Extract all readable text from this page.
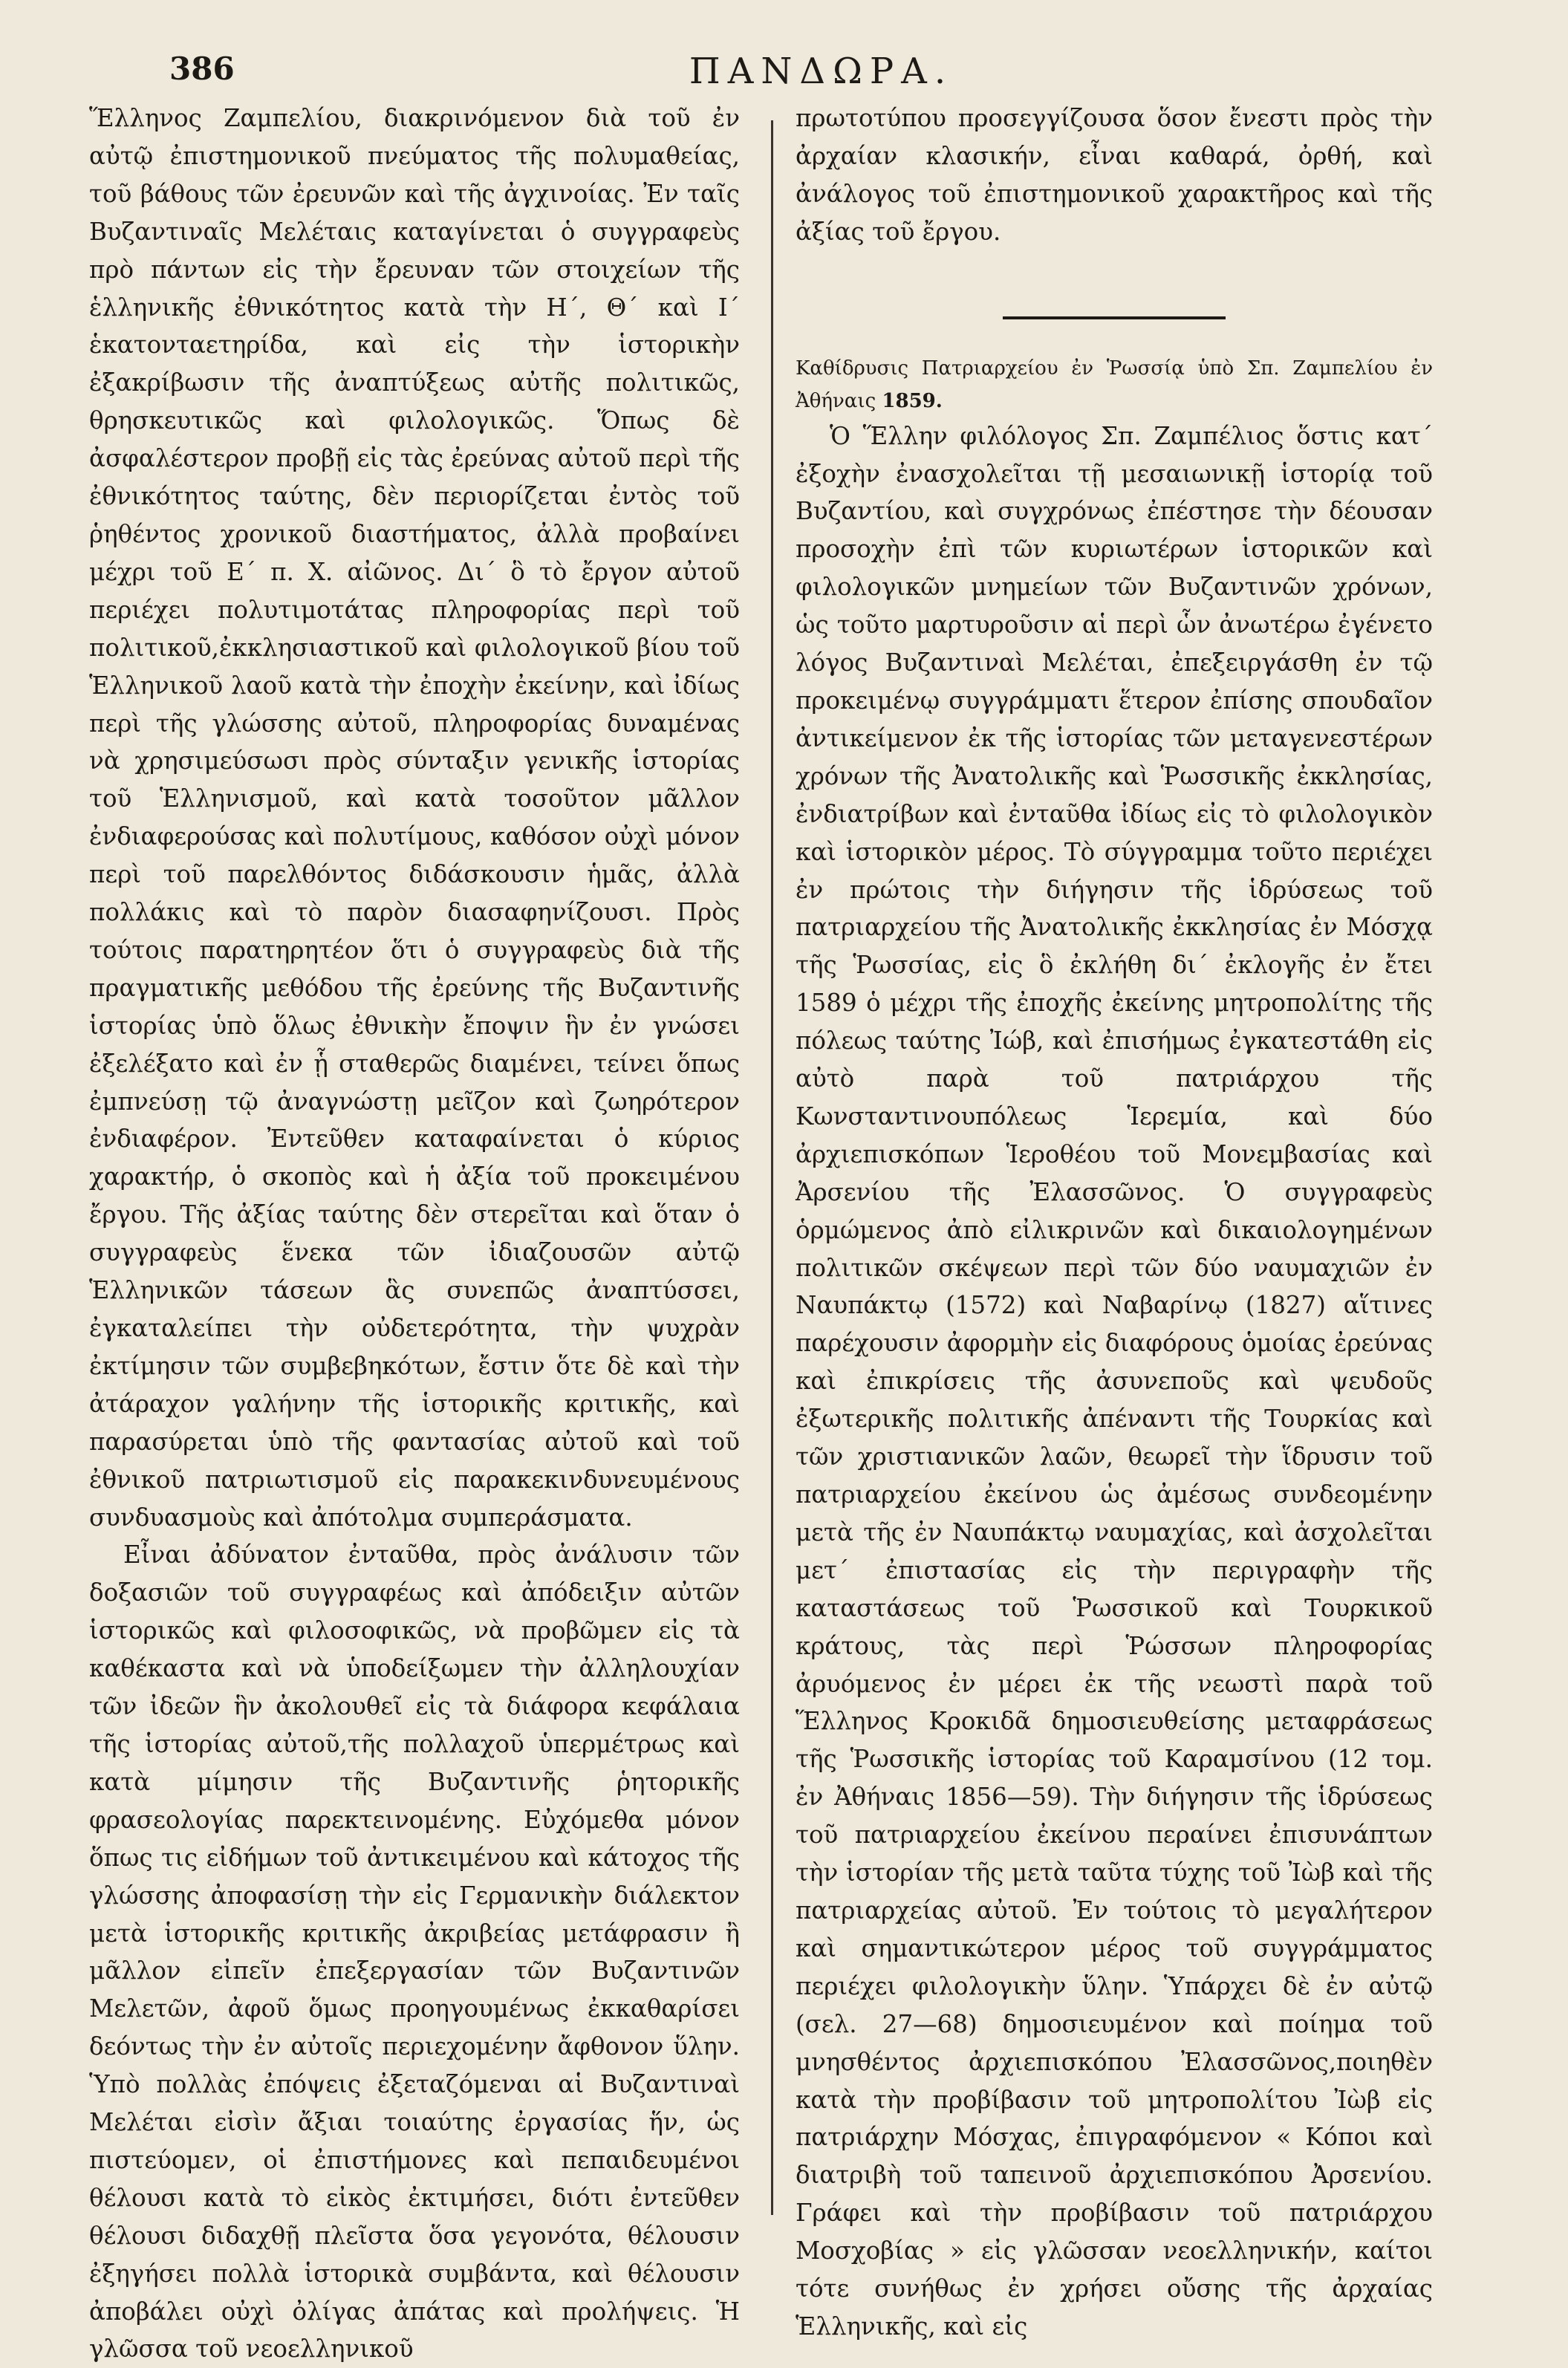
386	ΠΑΝΔΩΡΑ.

Ἕλληνος Ζαμπελίου, διακρινόμενον διὰ τοῦ ἐν αὐτῷ ἐπιστημονικοῦ πνεύματος τῆς πολυμαθείας, τοῦ βάθους τῶν ἐρευνῶν καὶ τῆς ἀγχινοίας. Ἐν ταῖς Βυζαντιναῖς Μελέταις καταγίνεται ὁ συγγραφεὺς πρὸ πάντων εἰς τὴν ἔρευναν τῶν στοιχείων τῆς ἑλληνικῆς ἐθνικότητος κατὰ τὴν Η΄, Θ΄ καὶ Ι΄ ἑκατονταετηρίδα, καὶ εἰς τὴν ἱστορικὴν ἐξακρίβωσιν τῆς ἀναπτύξεως αὐτῆς πολιτικῶς, θρησκευτικῶς καὶ φιλολογικῶς. Ὅπως δὲ ἀσφαλέστερον προβῇ εἰς τὰς ἐρεύνας αὐτοῦ περὶ τῆς ἐθνικότητος ταύτης, δὲν περιορίζεται ἐντὸς τοῦ ῥηθέντος χρονικοῦ διαστήματος, ἀλλὰ προβαίνει μέχρι τοῦ Ε΄ π. Χ. αἰῶνος. Δι΄ ὃ τὸ ἔργον αὐτοῦ περιέχει πολυτιμοτάτας πληροφορίας περὶ τοῦ πολιτικοῦ,ἐκκλησιαστικοῦ καὶ φιλολογικοῦ βίου τοῦ Ἑλληνικοῦ λαοῦ κατὰ τὴν ἐποχὴν ἐκείνην, καὶ ἰδίως περὶ τῆς γλώσσης αὐτοῦ, πληροφορίας δυναμένας νὰ χρησιμεύσωσι πρὸς σύνταξιν γενικῆς ἱστορίας τοῦ Ἑλληνισμοῦ, καὶ κατὰ τοσοῦτον μᾶλλον ἐνδιαφερούσας καὶ πολυτίμους, καθόσον οὐχὶ μόνον περὶ τοῦ παρελθόντος διδάσκουσιν ἡμᾶς, ἀλλὰ πολλάκις καὶ τὸ παρὸν διασαφηνίζουσι. Πρὸς τούτοις παρατηρητέον ὅτι ὁ συγγραφεὺς διὰ τῆς πραγματικῆς μεθόδου τῆς ἐρεύνης τῆς Βυζαντινῆς ἱστορίας ὑπὸ ὅλως ἐθνικὴν ἔποψιν ἣν ἐν γνώσει ἐξελέξατο καὶ ἐν ᾗ σταθερῶς διαμένει, τείνει ὅπως ἐμπνεύσῃ τῷ ἀναγνώστῃ μεῖζον καὶ ζωηρότερον ἐνδιαφέρον. Ἐντεῦθεν καταφαίνεται ὁ κύριος χαρακτήρ, ὁ σκοπὸς καὶ ἡ ἀξία τοῦ προκειμένου ἔργου. Τῆς ἀξίας ταύτης δὲν στερεῖται καὶ ὅταν ὁ συγγραφεὺς ἕνεκα τῶν ἰδιαζουσῶν αὐτῷ Ἑλληνικῶν τάσεων ἃς συνεπῶς ἀναπτύσσει, ἐγκαταλείπει τὴν οὐδετερότητα, τὴν ψυχρὰν ἐκτίμησιν τῶν συμβεβηκότων, ἔστιν ὅτε δὲ καὶ τὴν ἀτάραχον γαλήνην τῆς ἱστορικῆς κριτικῆς, καὶ παρασύρεται ὑπὸ τῆς φαντασίας αὐτοῦ καὶ τοῦ ἐθνικοῦ πατριωτισμοῦ εἰς παρακεκινδυνευμένους συνδυασμοὺς καὶ ἀπότολμα συμπεράσματα.

Εἶναι ἀδύνατον ἐνταῦθα, πρὸς ἀνάλυσιν τῶν δοξασιῶν τοῦ συγγραφέως καὶ ἀπόδειξιν αὐτῶν ἱστορικῶς καὶ φιλοσοφικῶς, νὰ προβῶμεν εἰς τὰ καθέκαστα καὶ νὰ ὑποδείξωμεν τὴν ἀλληλουχίαν τῶν ἰδεῶν ἣν ἀκολουθεῖ εἰς τὰ διάφορα κεφάλαια τῆς ἱστορίας αὐτοῦ,τῆς πολλαχοῦ ὑπερμέτρως καὶ κατὰ μίμησιν τῆς Βυζαντινῆς ῥητορικῆς φρασεολογίας παρεκτεινομένης. Εὐχόμεθα μόνον ὅπως τις εἰδήμων τοῦ ἀντικειμένου καὶ κάτοχος τῆς γλώσσης ἀποφασίσῃ τὴν εἰς Γερμανικὴν διάλεκτον μετὰ ἱστορικῆς κριτικῆς ἀκριβείας μετάφρασιν ἢ μᾶλλον εἰπεῖν ἐπεξεργασίαν τῶν Βυζαντινῶν Μελετῶν, ἀφοῦ ὅμως προηγουμένως ἐκκαθαρίσει δεόντως τὴν ἐν αὐτοῖς περιεχομένην ἄφθονον ὕλην. Ὑπὸ πολλὰς ἐπόψεις ἐξεταζόμεναι αἱ Βυζαντιναὶ Μελέται εἰσὶν ἄξιαι τοιαύτης ἐργασίας ἥν, ὡς πιστεύομεν, οἱ ἐπιστήμονες καὶ πεπαιδευμένοι θέλουσι κατὰ τὸ εἰκὸς ἐκτιμήσει, διότι ἐντεῦθεν θέλουσι διδαχθῇ πλεῖστα ὅσα γεγονότα, θέλουσιν ἐξηγήσει πολλὰ ἱστορικὰ συμβάντα, καὶ θέλουσιν ἀποβάλει οὐχὶ ὀλίγας ἀπάτας καὶ προλήψεις. Ἡ γλῶσσα τοῦ νεοελληνικοῦ

πρωτοτύπου προσεγγίζουσα ὅσον ἔνεστι πρὸς τὴν ἀρχαίαν κλασικήν, εἶναι καθαρά, ὀρθή, καὶ ἀνάλογος τοῦ ἐπιστημονικοῦ χαρακτῆρος καὶ τῆς ἀξίας τοῦ ἔργου.

Καθίδρυσις Πατριαρχείου ἐν Ῥωσσίᾳ ὑπὸ Σπ. Ζαμπελίου ἐν Ἀθήναις 1859.

Ὁ Ἕλλην φιλόλογος Σπ. Ζαμπέλιος ὅστις κατ΄ ἐξοχὴν ἐνασχολεῖται τῇ μεσαιωνικῇ ἱστορίᾳ τοῦ Βυζαντίου, καὶ συγχρόνως ἐπέστησε τὴν δέουσαν προσοχὴν ἐπὶ τῶν κυριωτέρων ἱστορικῶν καὶ φιλολογικῶν μνημείων τῶν Βυζαντινῶν χρόνων, ὡς τοῦτο μαρτυροῦσιν αἱ περὶ ὧν ἀνωτέρω ἐγένετο λόγος Βυζαντιναὶ Μελέται, ἐπεξειργάσθη ἐν τῷ προκειμένῳ συγγράμματι ἕτερον ἐπίσης σπουδαῖον ἀντικείμενον ἐκ τῆς ἱστορίας τῶν μεταγενεστέρων χρόνων τῆς Ἀνατολικῆς καὶ Ῥωσσικῆς ἐκκλησίας, ἐνδιατρίβων καὶ ἐνταῦθα ἰδίως εἰς τὸ φιλολογικὸν καὶ ἱστορικὸν μέρος. Τὸ σύγγραμμα τοῦτο περιέχει ἐν πρώτοις τὴν διήγησιν τῆς ἱδρύσεως τοῦ πατριαρχείου τῆς Ἀνατολικῆς ἐκκλησίας ἐν Μόσχᾳ τῆς Ῥωσσίας, εἰς ὃ ἐκλήθη δι΄ ἐκλογῆς ἐν ἔτει 1589 ὁ μέχρι τῆς ἐποχῆς ἐκείνης μητροπολίτης τῆς πόλεως ταύτης Ἰώβ, καὶ ἐπισήμως ἐγκατεστάθη εἰς αὐτὸ παρὰ τοῦ πατριάρχου τῆς Κωνσταντινουπόλεως Ἱερεμία, καὶ δύο ἀρχιεπισκόπων Ἱεροθέου τοῦ Μονεμβασίας καὶ Ἀρσενίου τῆς Ἐλασσῶνος. Ὁ συγγραφεὺς ὁρμώμενος ἀπὸ εἰλικρινῶν καὶ δικαιολογημένων πολιτικῶν σκέψεων περὶ τῶν δύο ναυμαχιῶν ἐν Ναυπάκτῳ (1572) καὶ Ναβαρίνῳ (1827) αἵτινες παρέχουσιν ἀφορμὴν εἰς διαφόρους ὁμοίας ἐρεύνας καὶ ἐπικρίσεις τῆς ἀσυνεποῦς καὶ ψευδοῦς ἐξωτερικῆς πολιτικῆς ἀπέναντι τῆς Τουρκίας καὶ τῶν χριστιανικῶν λαῶν, θεωρεῖ τὴν ἵδρυσιν τοῦ πατριαρχείου ἐκείνου ὡς ἀμέσως συνδεομένην μετὰ τῆς ἐν Ναυπάκτῳ ναυμαχίας, καὶ ἀσχολεῖται μετ΄ ἐπιστασίας εἰς τὴν περιγραφὴν τῆς καταστάσεως τοῦ Ῥωσσικοῦ καὶ Τουρκικοῦ κράτους, τὰς περὶ Ῥώσσων πληροφορίας ἀρυόμενος ἐν μέρει ἐκ τῆς νεωστὶ παρὰ τοῦ Ἕλληνος Κροκιδᾶ δημοσιευθείσης μεταφράσεως τῆς Ῥωσσικῆς ἱστορίας τοῦ Καραμσίνου (12 τομ. ἐν Ἀθήναις 1856—59). Τὴν διήγησιν τῆς ἱδρύσεως τοῦ πατριαρχείου ἐκείνου περαίνει ἐπισυνάπτων τὴν ἱστορίαν τῆς μετὰ ταῦτα τύχης τοῦ Ἰὼβ καὶ τῆς πατριαρχείας αὐτοῦ. Ἐν τούτοις τὸ μεγαλήτερον καὶ σημαντικώτερον μέρος τοῦ συγγράμματος περιέχει φιλολογικὴν ὕλην. Ὑπάρχει δὲ ἐν αὐτῷ (σελ. 27—68) δημοσιευμένον καὶ ποίημα τοῦ μνησθέντος ἀρχιεπισκόπου Ἐλασσῶνος,ποιηθὲν κατὰ τὴν προβίβασιν τοῦ μητροπολίτου Ἰὼβ εἰς πατριάρχην Μόσχας, ἐπιγραφόμενον « Κόποι καὶ διατριβὴ τοῦ ταπεινοῦ ἀρχιεπισκόπου Ἀρσενίου. Γράφει καὶ τὴν προβίβασιν τοῦ πατριάρχου Μοσχοβίας » εἰς γλῶσσαν νεοελληνικήν, καίτοι τότε συνήθως ἐν χρήσει οὔσης τῆς ἀρχαίας Ἑλληνικῆς, καὶ εἰς
